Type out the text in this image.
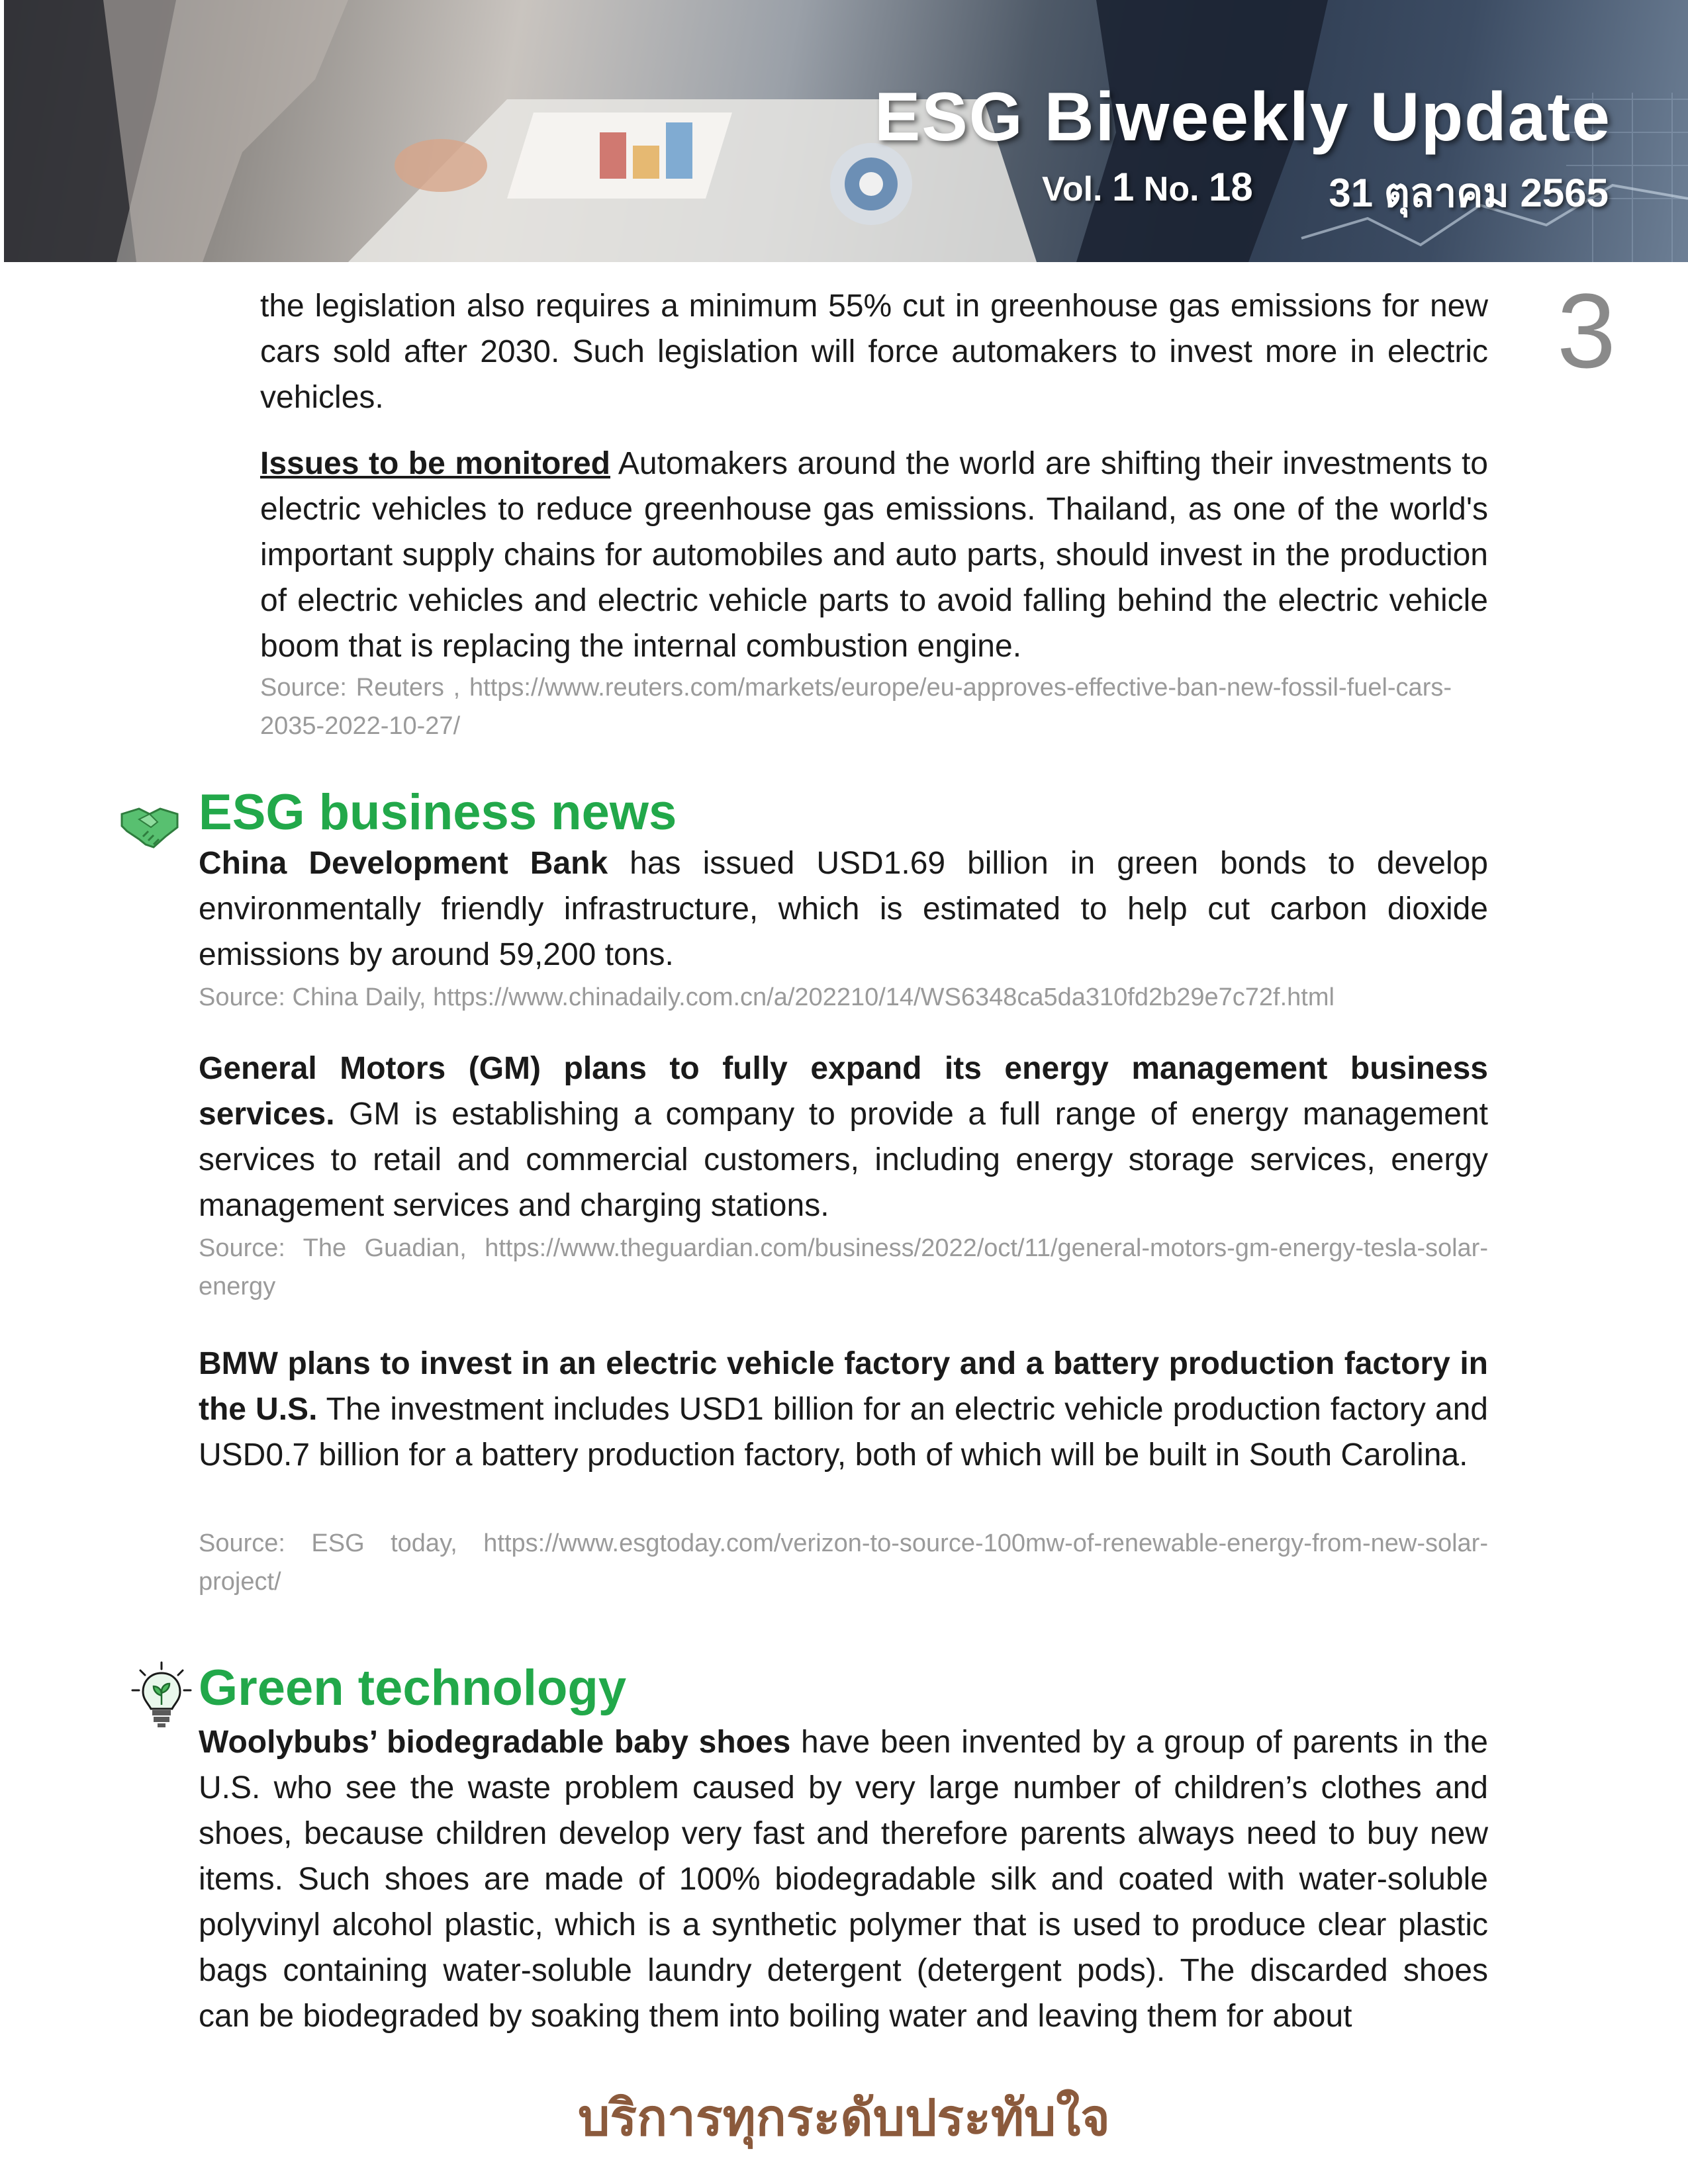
ESG Biweekly Update
Vol. 1 No. 18 31 ตุลาคม 2565
3

the legislation also requires a minimum 55% cut in greenhouse gas emissions for new cars sold after 2030. Such legislation will force automakers to invest more in electric vehicles.

Issues to be monitored Automakers around the world are shifting their investments to electric vehicles to reduce greenhouse gas emissions. Thailand, as one of the world's important supply chains for automobiles and auto parts, should invest in the production of electric vehicles and electric vehicle parts to avoid falling behind the electric vehicle boom that is replacing the internal combustion engine.

Source: Reuters , https://www.reuters.com/markets/europe/eu-approves-effective-ban-new-fossil-fuel-cars-2035-2022-10-27/

ESG business news

China Development Bank has issued USD1.69 billion in green bonds to develop environmentally friendly infrastructure, which is estimated to help cut carbon dioxide emissions by around 59,200 tons.

Source: China Daily, https://www.chinadaily.com.cn/a/202210/14/WS6348ca5da310fd2b29e7c72f.html

General Motors (GM) plans to fully expand its energy management business services. GM is establishing a company to provide a full range of energy management services to retail and commercial customers, including energy storage services, energy management services and charging stations.

Source: The Guadian, https://www.theguardian.com/business/2022/oct/11/general-motors-gm-energy-tesla-solar-energy

BMW plans to invest in an electric vehicle factory and a battery production factory in the U.S. The investment includes USD1 billion for an electric vehicle production factory and USD0.7 billion for a battery production factory, both of which will be built in South Carolina.

Source: ESG today, https://www.esgtoday.com/verizon-to-source-100mw-of-renewable-energy-from-new-solar-project/

Green technology

Woolybubs’ biodegradable baby shoes have been invented by a group of parents in the U.S. who see the waste problem caused by very large number of children’s clothes and shoes, because children develop very fast and therefore parents always need to buy new items. Such shoes are made of 100% biodegradable silk and coated with water-soluble polyvinyl alcohol plastic, which is a synthetic polymer that is used to produce clear plastic bags containing water-soluble laundry detergent (detergent pods). The discarded shoes can be biodegraded by soaking them into boiling water and leaving them for about

บริการทุกระดับประทับใจ
